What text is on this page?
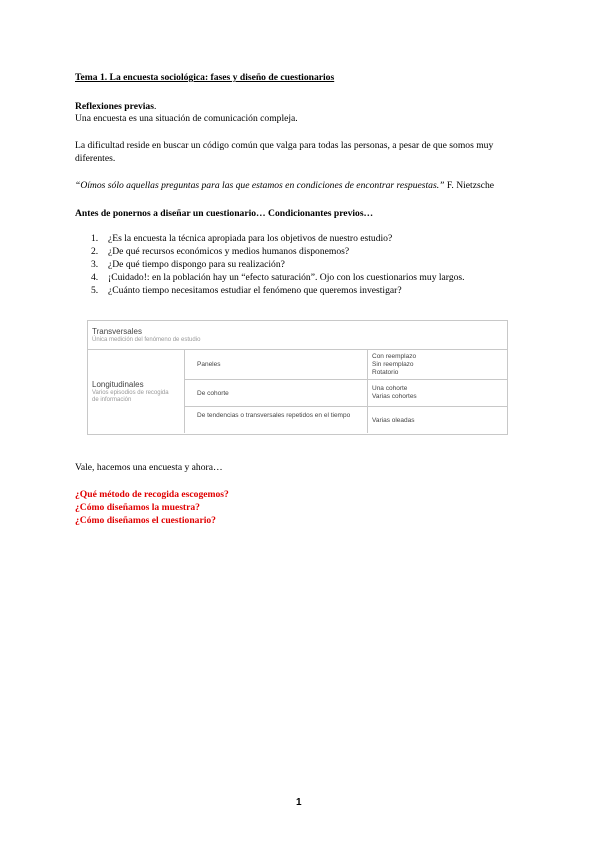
Tema 1. La encuesta sociológica: fases y diseño de cuestionarios
Reflexiones previas.
Una encuesta es una situación de comunicación compleja.
La dificultad reside en buscar un código común que valga para todas las personas, a pesar de que somos muy diferentes.
“Oímos sólo aquellas preguntas para las que estamos en condiciones de encontrar respuestas.” F. Nietzsche
Antes de ponernos a diseñar un cuestionario… Condicionantes previos…
1. ¿Es la encuesta la técnica apropiada para los objetivos de nuestro estudio?
2. ¿De qué recursos económicos y medios humanos disponemos?
3. ¿De qué tiempo dispongo para su realización?
4. ¡Cuidado!: en la población hay un “efecto saturación”. Ojo con los cuestionarios muy largos.
5. ¿Cuánto tiempo necesitamos estudiar el fenómeno que queremos investigar?
Transversales
Única medición del fenómeno de estudio
Longitudinales
Varios episodios de recogida de información
Paneles
Con reemplazo
Sin reemplazo
Rotatorio
De cohorte
Una cohorte
Varias cohortes
De tendencias o transversales repetidos en el tiempo
Varias oleadas
Vale, hacemos una encuesta y ahora…
¿Qué método de recogida escogemos?
¿Cómo diseñamos la muestra?
¿Cómo diseñamos el cuestionario?
1
